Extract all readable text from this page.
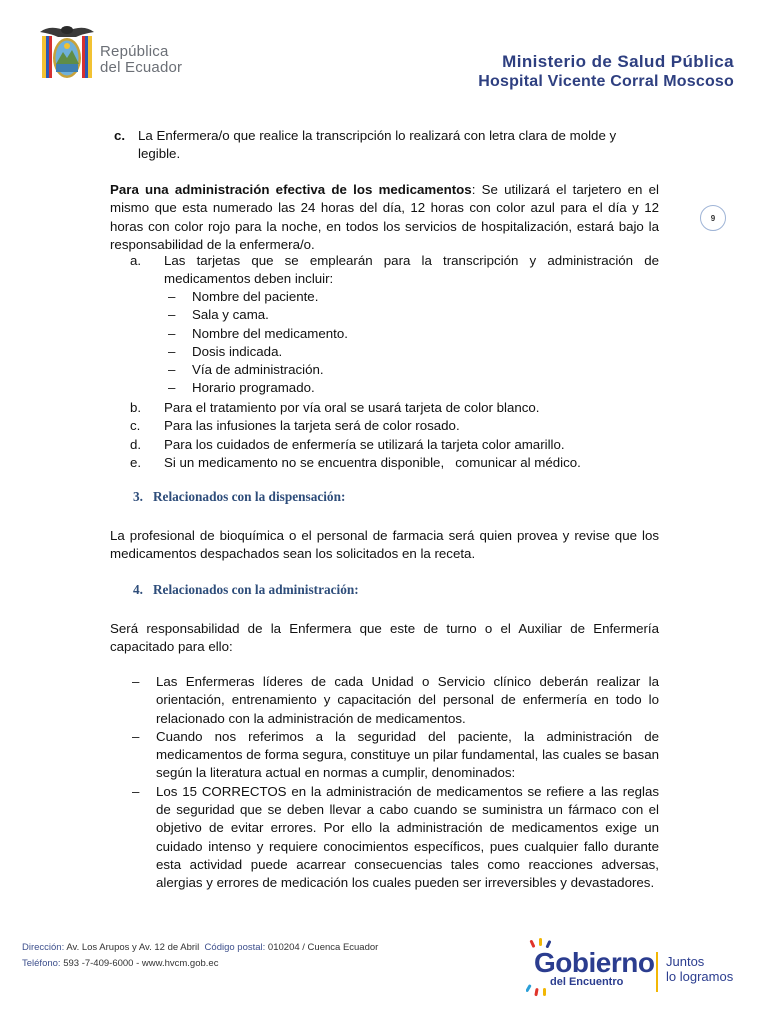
República
del Ecuador	Ministerio de Salud Pública
Hospital Vicente Corral Moscoso
9
c. La Enfermera/o que realice la transcripción lo realizará con letra clara de molde y legible.
Para una administración efectiva de los medicamentos: Se utilizará el tarjetero en el mismo que esta numerado las 24 horas del día, 12 horas con color azul para el día y 12 horas con color rojo para la noche, en todos los servicios de hospitalización, estará bajo la responsabilidad de la enfermera/o.
a. Las tarjetas que se emplearán para la transcripción y administración de medicamentos deben incluir:
– Nombre del paciente.
– Sala y cama.
– Nombre del medicamento.
– Dosis indicada.
– Vía de administración.
– Horario programado.
b. Para el tratamiento por vía oral se usará tarjeta de color blanco.
c. Para las infusiones la tarjeta será de color rosado.
d. Para los cuidados de enfermería se utilizará la tarjeta color amarillo.
e. Si un medicamento no se encuentra disponible,   comunicar al médico.
3.   Relacionados con la dispensación:
La profesional de bioquímica o el personal de farmacia será quien provea y revise que los medicamentos despachados sean los solicitados en la receta.
4.   Relacionados con la administración:
Será responsabilidad de la Enfermera que este de turno o el Auxiliar de Enfermería capacitado para ello:
– Las Enfermeras líderes de cada Unidad o Servicio clínico deberán realizar la orientación, entrenamiento y capacitación del personal de enfermería en todo lo relacionado con la administración de medicamentos.
– Cuando nos referimos a la seguridad del paciente, la administración de medicamentos de forma segura, constituye un pilar fundamental, las cuales se basan según la literatura actual en normas a cumplir, denominados:
– Los 15 CORRECTOS en la administración de medicamentos se refiere a las reglas de seguridad que se deben llevar a cabo cuando se suministra un fármaco con el objetivo de evitar errores. Por ello la administración de medicamentos exige un cuidado intenso y requiere conocimientos específicos, pues cualquier fallo durante esta actividad puede acarrear consecuencias tales como reacciones adversas, alergias y errores de medicación los cuales pueden ser irreversibles y devastadores.
Dirección: Av. Los Arupos y Av. 12 de Abril  Código postal: 010204 / Cuenca Ecuador
Teléfono: 593 -7-409-6000 - www.hvcm.gob.ec	Gobierno
del Encuentro
Juntos
lo logramos
